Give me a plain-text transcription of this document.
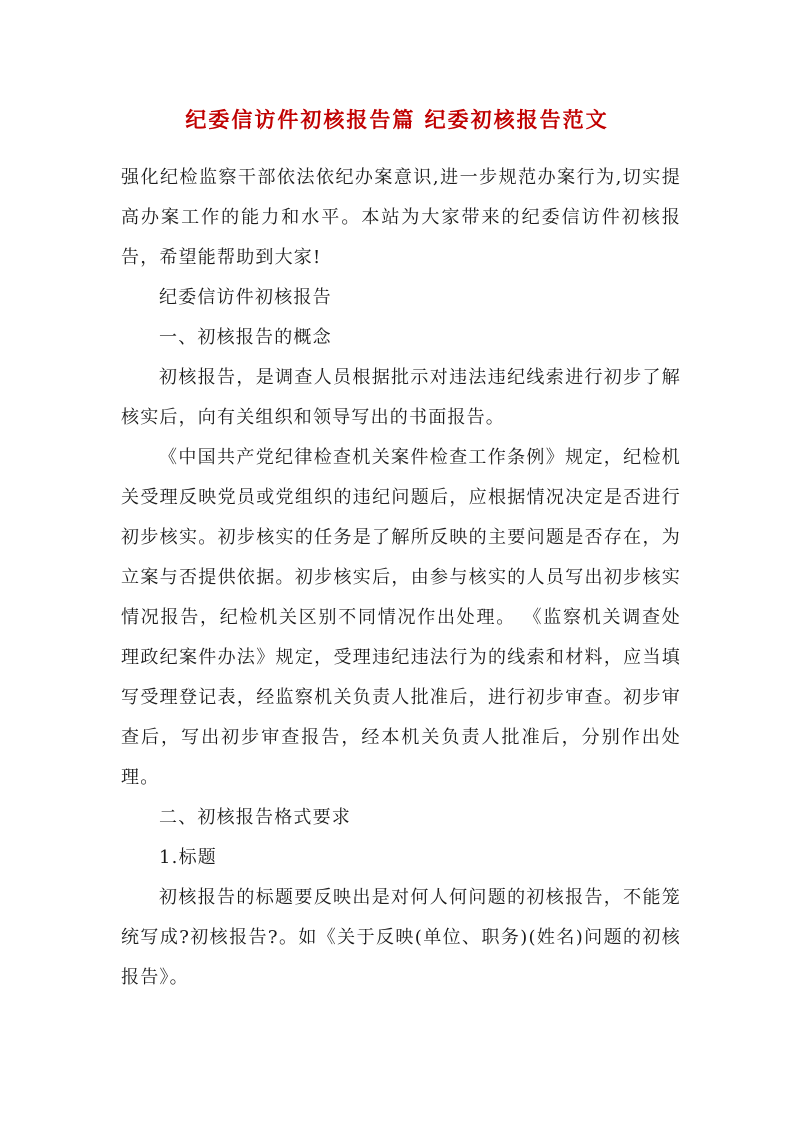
纪委信访件初核报告篇 纪委初核报告范文

强化纪检监察干部依法依纪办案意识,进一步规范办案行为,切实提高办案工作的能力和水平。本站为大家带来的纪委信访件初核报告，希望能帮助到大家!

纪委信访件初核报告

一、初核报告的概念

初核报告，是调查人员根据批示对违法违纪线索进行初步了解核实后，向有关组织和领导写出的书面报告。

《中国共产党纪律检查机关案件检查工作条例》规定，纪检机关受理反映党员或党组织的违纪问题后，应根据情况决定是否进行初步核实。初步核实的任务是了解所反映的主要问题是否存在，为立案与否提供依据。初步核实后，由参与核实的人员写出初步核实情况报告，纪检机关区别不同情况作出处理。 《监察机关调查处理政纪案件办法》规定，受理违纪违法行为的线索和材料，应当填写受理登记表，经监察机关负责人批准后，进行初步审查。初步审查后，写出初步审查报告，经本机关负责人批准后，分别作出处理。

二、初核报告格式要求

1.标题

初核报告的标题要反映出是对何人何问题的初核报告，不能笼统写成?初核报告?。如《关于反映(单位、职务)(姓名)问题的初核报告》。
